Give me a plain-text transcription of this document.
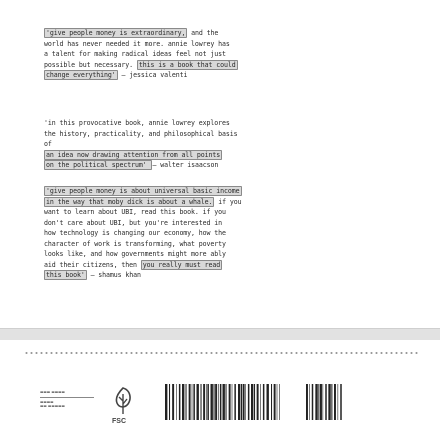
'give people money is extraordinary, and the
world has never needed it more. annie lowrey has
a talent for making radical ideas feel not just
possible but necessary. this is a book that could
change everything' — jessica valenti
'in this provocative book, annie lowrey explores
the history, practicality, and philosophical basis
of
an idea now drawing attention from all points
on the political spectrum' — walter isaacson
'give people money is about universal basic income
in the way that moby dick is about a whale. if you
want to learn about UBI, read this book. if you
don't care about UBI, but you're interested in
how technology is changing our economy, how the
character of work is transforming, what poverty
looks like, and how governments might more ably
aid their citizens, then you really must read
this book' — shamus khan
▬▬▬ ▬▬▬▬
▬▬▬▬
▬▬ ▬▬▬▬▬
FSC
